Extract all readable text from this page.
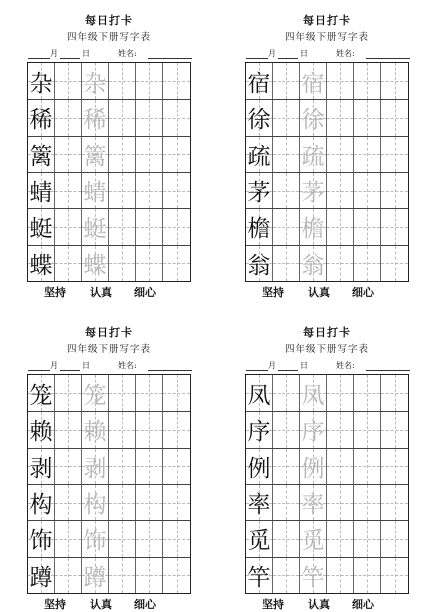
每日打卡
四年级下册写字表
月	日	姓名:
杂 杂
稀 稀
篱 篱
蜻 蜻
蜓 蜓
蝶 蝶
坚持 认真 细心
每日打卡
四年级下册写字表
月	日	姓名:
宿 宿
徐 徐
疏 疏
茅 茅
檐 檐
翁 翁
坚持 认真 细心
每日打卡
四年级下册写字表
月	日	姓名:
笼 笼
赖 赖
剥 剥
构 构
饰 饰
蹲 蹲
坚持 认真 细心
每日打卡
四年级下册写字表
月	日	姓名:
凤 凤
序 序
例 例
率 率
觅 觅
竿 竿
坚持 认真 细心
